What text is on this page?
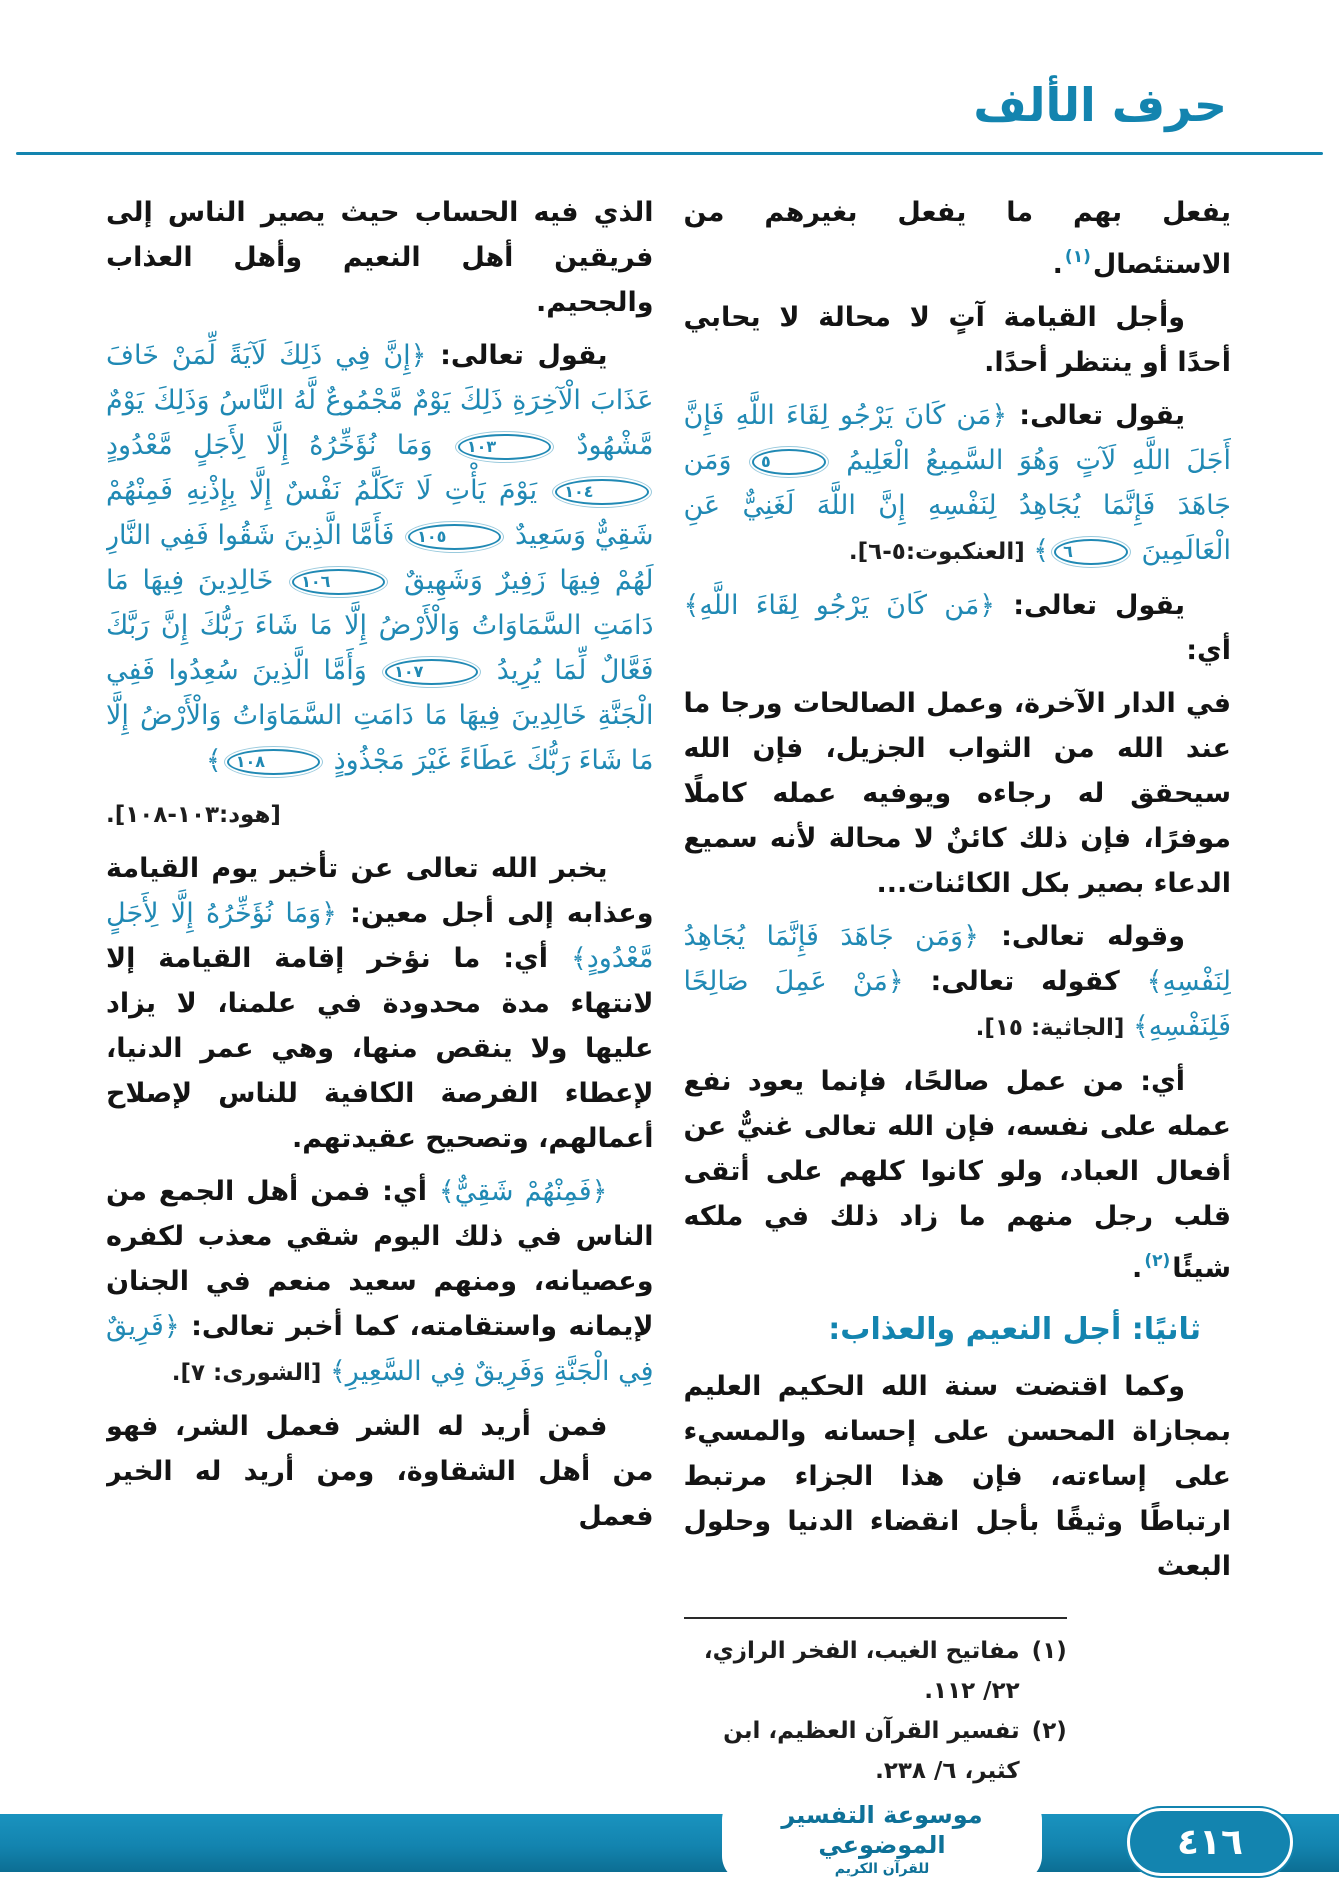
حرف الألف

يفعل بهم ما يفعل بغيرهم من الاستئصال$^{(١)}$.

وأجل القيامة آتٍ لا محالة لا يحابي أحدًا أو ينتظر أحدًا.

يقول تعالى: ﴿مَن كَانَ يَرْجُو لِقَاءَ اللَّهِ فَإِنَّ أَجَلَ اللَّهِ لَآتٍ وَهُوَ السَّمِيعُ الْعَلِيمُ ٥ وَمَن جَاهَدَ فَإِنَّمَا يُجَاهِدُ لِنَفْسِهِ إِنَّ اللَّهَ لَغَنِيٌّ عَنِ الْعَالَمِينَ ٦﴾ [العنكبوت:٥-٦].

يقول تعالى: ﴿مَن كَانَ يَرْجُو لِقَاءَ اللَّهِ﴾ أي:

في الدار الآخرة، وعمل الصالحات ورجا ما عند الله من الثواب الجزيل، فإن الله سيحقق له رجاءه ويوفيه عمله كاملًا موفرًا، فإن ذلك كائنٌ لا محالة لأنه سميع الدعاء بصير بكل الكائنات...

وقوله تعالى: ﴿وَمَن جَاهَدَ فَإِنَّمَا يُجَاهِدُ لِنَفْسِهِ﴾ كقوله تعالى: ﴿مَنْ عَمِلَ صَالِحًا فَلِنَفْسِهِ﴾ [الجاثية: ١٥].

أي: من عمل صالحًا، فإنما يعود نفع عمله على نفسه، فإن الله تعالى غنيٌّ عن أفعال العباد، ولو كانوا كلهم على أتقى قلب رجل منهم ما زاد ذلك في ملكه شيئًا$^{(٢)}$.

ثانيًا: أجل النعيم والعذاب:

وكما اقتضت سنة الله الحكيم العليم بمجازاة المحسن على إحسانه والمسيء على إساءته، فإن هذا الجزاء مرتبط ارتباطًا وثيقًا بأجل انقضاء الدنيا وحلول البعث

(١)
مفاتيح الغيب، الفخر الرازي، ٢٢/ ١١٢.
(٢)
تفسير القرآن العظيم، ابن كثير، ٦/ ٢٣٨.

الذي فيه الحساب حيث يصير الناس إلى فريقين أهل النعيم وأهل العذاب والجحيم.

يقول تعالى: ﴿إِنَّ فِي ذَلِكَ لَآيَةً لِّمَنْ خَافَ عَذَابَ الْآخِرَةِ ذَلِكَ يَوْمٌ مَّجْمُوعٌ لَّهُ النَّاسُ وَذَلِكَ يَوْمٌ مَّشْهُودٌ ١٠٣ وَمَا نُؤَخِّرُهُ إِلَّا لِأَجَلٍ مَّعْدُودٍ ١٠٤ يَوْمَ يَأْتِ لَا تَكَلَّمُ نَفْسٌ إِلَّا بِإِذْنِهِ فَمِنْهُمْ شَقِيٌّ وَسَعِيدٌ ١٠٥ فَأَمَّا الَّذِينَ شَقُوا فَفِي النَّارِ لَهُمْ فِيهَا زَفِيرٌ وَشَهِيقٌ ١٠٦ خَالِدِينَ فِيهَا مَا دَامَتِ السَّمَاوَاتُ وَالْأَرْضُ إِلَّا مَا شَاءَ رَبُّكَ إِنَّ رَبَّكَ فَعَّالٌ لِّمَا يُرِيدُ ١٠٧ وَأَمَّا الَّذِينَ سُعِدُوا فَفِي الْجَنَّةِ خَالِدِينَ فِيهَا مَا دَامَتِ السَّمَاوَاتُ وَالْأَرْضُ إِلَّا مَا شَاءَ رَبُّكَ عَطَاءً غَيْرَ مَجْذُوذٍ ١٠٨﴾

[هود:١٠٣-١٠٨].

يخبر الله تعالى عن تأخير يوم القيامة وعذابه إلى أجل معين: ﴿وَمَا نُؤَخِّرُهُ إِلَّا لِأَجَلٍ مَّعْدُودٍ﴾ أي: ما نؤخر إقامة القيامة إلا لانتهاء مدة محدودة في علمنا، لا يزاد عليها ولا ينقص منها، وهي عمر الدنيا، لإعطاء الفرصة الكافية للناس لإصلاح أعمالهم، وتصحيح عقيدتهم.

﴿فَمِنْهُمْ شَقِيٌّ﴾ أي: فمن أهل الجمع من الناس في ذلك اليوم شقي معذب لكفره وعصيانه، ومنهم سعيد منعم في الجنان لإيمانه واستقامته، كما أخبر تعالى: ﴿فَرِيقٌ فِي الْجَنَّةِ وَفَرِيقٌ فِي السَّعِيرِ﴾ [الشورى: ٧].

فمن أريد له الشر فعمل الشر، فهو من أهل الشقاوة، ومن أريد له الخير فعمل

موسوعة التفسير الموضوعي
للقرآن الكريم
٤١٦
